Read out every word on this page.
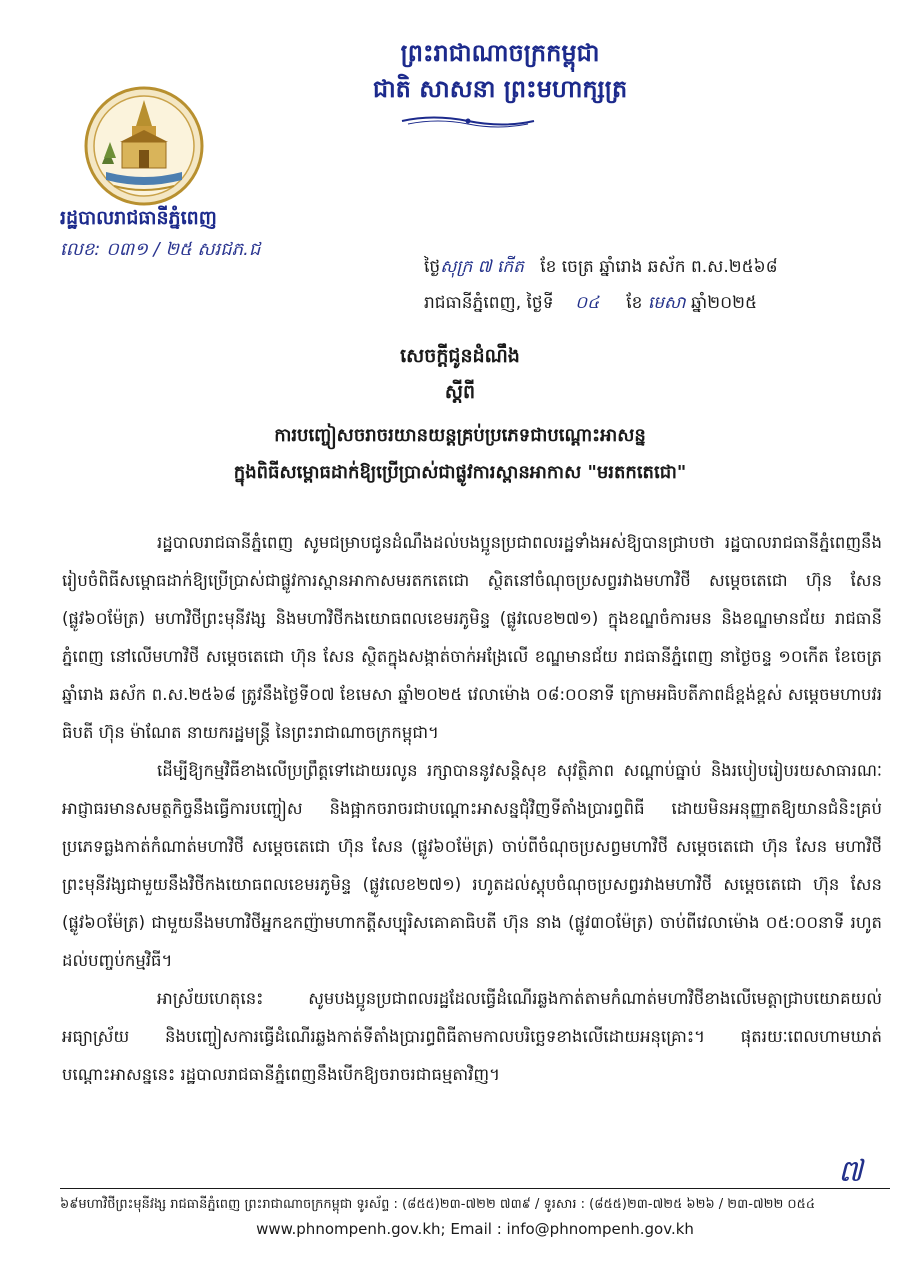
ព្រះរាជាណាចក្រកម្ពុជា
ជាតិ សាសនា ព្រះមហាក្សត្រ
រដ្ឋបាលរាជធានីភ្នំពេញ
លេខ: ០៣១ / ២៥ សរជភ.ជ
ថ្ងៃសុក្រ ៧ កើត ខែ ចេត្រ ឆ្នាំរោង ឆស័ក ព.ស.២៥៦៨
រាជធានីភ្នំពេញ, ថ្ងៃទី ០៤ ខែ មេសា ឆ្នាំ២០២៥
សេចក្តីជូនដំណឹង
ស្តីពី
ការបញ្ចៀសចរាចរយានយន្តគ្រប់ប្រភេទជាបណ្ដោះអាសន្ន
ក្នុងពិធីសម្ពោធដាក់ឱ្យប្រើប្រាស់ជាផ្លូវការស្ពានអាកាស "មរតកតេជោ"

រដ្ឋបាលរាជធានីភ្នំពេញ សូមជម្រាបជូនដំណឹងដល់បងប្អូនប្រជាពលរដ្ឋទាំងអស់ឱ្យបានជ្រាបថា រដ្ឋបាលរាជធានីភ្នំពេញនឹងរៀបចំពិធីសម្ពោធដាក់ឱ្យប្រើប្រាស់ជាផ្លូវការស្ពានអាកាសមរតកតេជោ ស្ថិតនៅចំណុចប្រសព្វរវាងមហាវិថី សម្តេចតេជោ ហ៊ុន សែន (ផ្លូវ៦០ម៉ែត្រ) មហាវិថីព្រះមុនីវង្ស និងមហាវិថីកងយោធពលខេមរភូមិន្ទ (ផ្លូវលេខ២៧១) ក្នុងខណ្ឌចំការមន និងខណ្ឌមានជ័យ រាជធានីភ្នំពេញ នៅលើមហាវិថី សម្តេចតេជោ ហ៊ុន សែន ស្ថិតក្នុងសង្កាត់ចាក់អង្រែលើ ខណ្ឌមានជ័យ រាជធានីភ្នំពេញ នាថ្ងៃចន្ទ ១០កើត ខែចេត្រ ឆ្នាំរោង ឆស័ក ព.ស.២៥៦៨ ត្រូវនឹងថ្ងៃទី០៧ ខែមេសា ឆ្នាំ២០២៥ វេលាម៉ោង ០៨:០០នាទី ក្រោមអធិបតីភាពដ៏ខ្ពង់ខ្ពស់ សម្តេចមហាបវរធិបតី ហ៊ុន ម៉ាណែត នាយករដ្ឋមន្ត្រី នៃព្រះរាជាណាចក្រកម្ពុជា។

ដើម្បីឱ្យកម្មវិធីខាងលើប្រព្រឹត្តទៅដោយរលូន រក្សាបាននូវសន្តិសុខ សុវត្ថិភាព សណ្តាប់ធ្នាប់ និងរបៀបរៀបរយសាធារណៈ អាជ្ញាធរមានសមត្ថកិច្ចនឹងធ្វើការបញ្ចៀស និងផ្អាកចរាចរជាបណ្ដោះអាសន្នជុំវិញទីតាំងប្រារព្ធពិធី ដោយមិនអនុញ្ញាតឱ្យយានជំនិះគ្រប់ប្រភេទធ្លងកាត់កំណាត់មហាវិថី សម្តេចតេជោ ហ៊ុន សែន (ផ្លូវ៦០ម៉ែត្រ) ចាប់ពីចំណុចប្រសព្វមហាវិថី សម្តេចតេជោ ហ៊ុន សែន មហាវិថីព្រះមុនីវង្សជាមួយនឹងវិថីកងយោធពលខេមរភូមិន្ទ (ផ្លូវលេខ២៧១) រហូតដល់ស្តុបចំណុចប្រសព្វរវាងមហាវិថី សម្តេចតេជោ ហ៊ុន សែន (ផ្លូវ៦០ម៉ែត្រ) ជាមួយនឹងមហាវិថីអ្នកឧកញ៉ាមហាកត្តីសប្បុរិសគោគាធិបតី ហ៊ុន នាង (ផ្លូវ៣០ម៉ែត្រ) ចាប់ពីវេលាម៉ោង ០៥:០០នាទី រហូតដល់បញ្ចប់កម្មវិធី។

អាស្រ័យហេតុនេះ សូមបងប្អូនប្រជាពលរដ្ឋដែលធ្វើដំណើរឆ្លងកាត់តាមកំណាត់មហាវិថីខាងលើមេត្តាជ្រាបយោគយល់អធ្យាស្រ័យ និងបញ្ចៀសការធ្វើដំណើរឆ្លងកាត់ទីតាំងប្រារព្ធពិធីតាមកាលបរិច្ឆេទខាងលើដោយអនុគ្រោះ។ ផុតរយៈពេលហាមឃាត់បណ្ដោះអាសន្ននេះ រដ្ឋបាលរាជធានីភ្នំពេញនឹងបើកឱ្យចរាចរជាធម្មតាវិញ។

៧
៦៩មហាវិថីព្រះមុនីវង្ស រាជធានីភ្នំពេញ ព្រះរាជាណាចក្រកម្ពុជា ទូរស័ព្ទ : (៨៥៥)២៣-៧២២ ៧៣៩ / ទូរសារ : (៨៥៥)២៣-៧២៥ ៦២៦ / ២៣-៧២២ ០៥៤
www.phnompenh.gov.kh; Email : info@phnompenh.gov.kh
